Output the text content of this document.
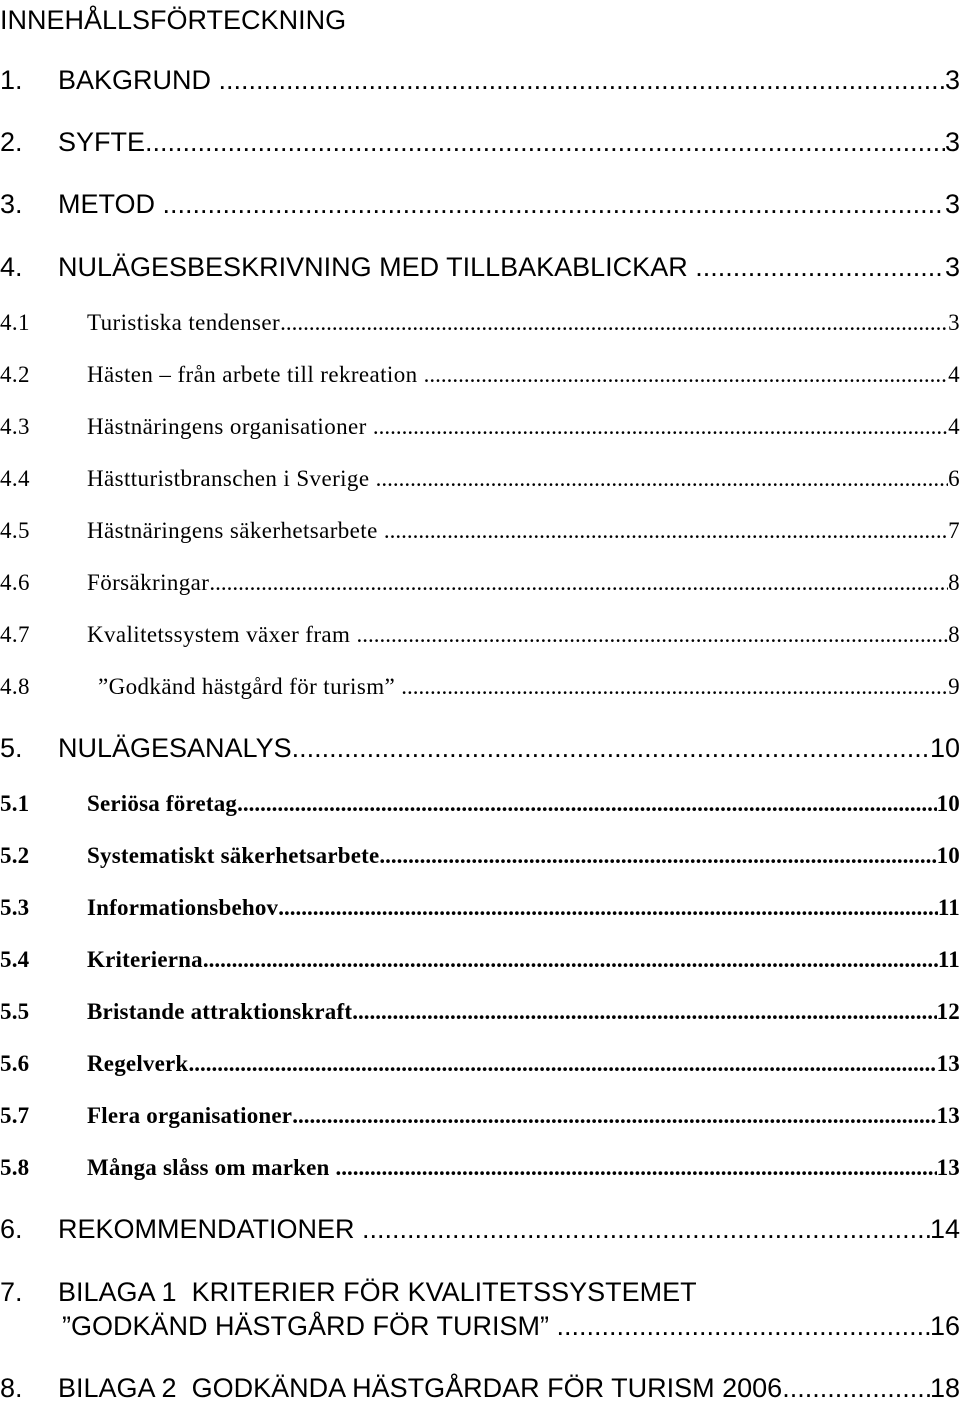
INNEHÅLLSFÖRTECKNING
1. BAKGRUND .....	3
2. SYFTE .....	3
3. METOD .....	3
4. NULÄGESBESKRIVNING MED TILLBAKABLICKAR .....	3
4.1 Turistiska tendenser .....	3
4.2 Hästen – från arbete till rekreation .....	4
4.3 Hästnäringens organisationer .....	4
4.4 Hästturistbranschen i Sverige .....	6
4.5 Hästnäringens säkerhetsarbete .....	7
4.6 Försäkringar .....	8
4.7 Kvalitetssystem växer fram .....	8
4.8	”Godkänd hästgård för turism” .....	9
5. NULÄGESANALYS .....	10
5.1	Seriösa företag .....	10
5.2	Systematiskt säkerhetsarbete .....	10
5.3	Informationsbehov .....	11
5.4	Kriterierna .....	11
5.5	Bristande attraktionskraft .....	12
5.6	Regelverk .....	13
5.7	Flera organisationer .....	13
5.8	Många slåss om marken .....	13
6. REKOMMENDATIONER .....	14
7. BILAGA 1  KRITERIER FÖR KVALITETSSYSTEMET
”GODKÄND HÄSTGÅRD FÖR TURISM” .....	16
8. BILAGA 2  GODKÄNDA HÄSTGÅRDAR FÖR TURISM 2006 .....	18
